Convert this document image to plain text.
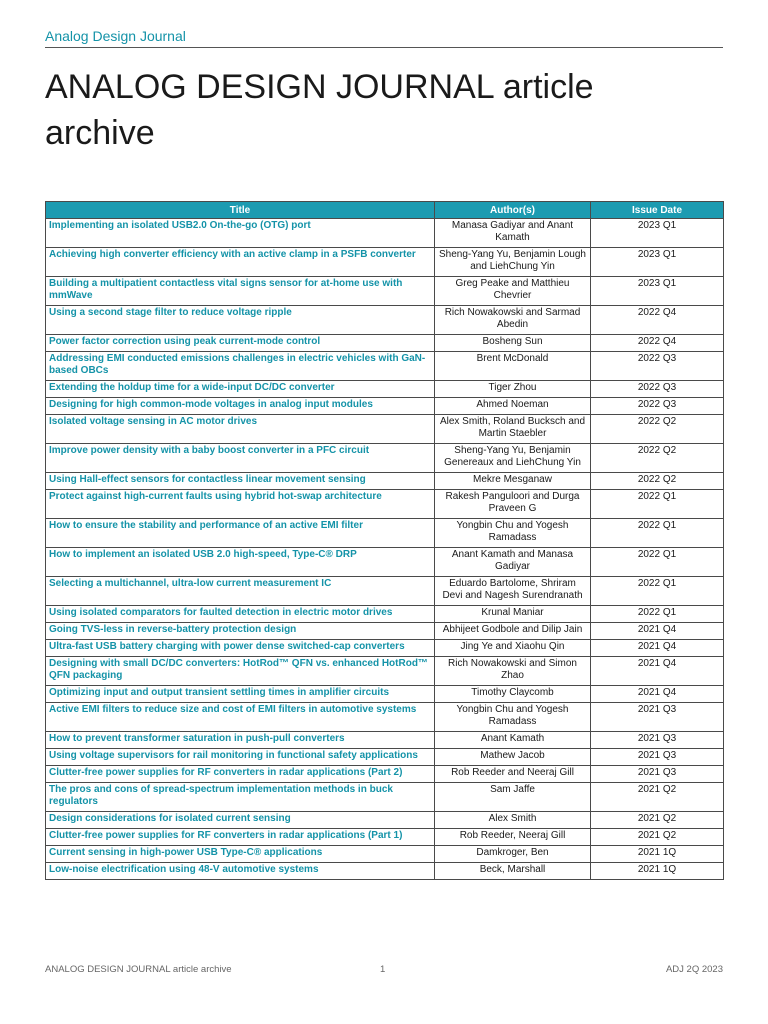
Analog Design Journal
ANALOG DESIGN JOURNAL article archive
Title	Author(s)	Issue Date
Implementing an isolated USB2.0 On-the-go (OTG) port	Manasa Gadiyar and Anant Kamath	2023 Q1
Achieving high converter efficiency with an active clamp in a PSFB converter	Sheng-Yang Yu, Benjamin Lough and LiehChung Yin	2023 Q1
Building a multipatient contactless vital signs sensor for at-home use with mmWave	Greg Peake and Matthieu Chevrier	2023 Q1
Using a second stage filter to reduce voltage ripple	Rich Nowakowski and Sarmad Abedin	2022 Q4
Power factor correction using peak current-mode control	Bosheng Sun	2022 Q4
Addressing EMI conducted emissions challenges in electric vehicles with GaN-based OBCs	Brent McDonald	2022 Q3
Extending the holdup time for a wide-input DC/DC converter	Tiger Zhou	2022 Q3
Designing for high common-mode voltages in analog input modules	Ahmed Noeman	2022 Q3
Isolated voltage sensing in AC motor drives	Alex Smith, Roland Bucksch and Martin Staebler	2022 Q2
Improve power density with a baby boost converter in a PFC circuit	Sheng-Yang Yu, Benjamin Genereaux and LiehChung Yin	2022 Q2
Using Hall-effect sensors for contactless linear movement sensing	Mekre Mesganaw	2022 Q2
Protect against high-current faults using hybrid hot-swap architecture	Rakesh Panguloori and Durga Praveen G	2022 Q1
How to ensure the stability and performance of an active EMI filter	Yongbin Chu and Yogesh Ramadass	2022 Q1
How to implement an isolated USB 2.0 high-speed, Type-C® DRP	Anant Kamath and Manasa Gadiyar	2022 Q1
Selecting a multichannel, ultra-low current measurement IC	Eduardo Bartolome, Shriram Devi and Nagesh Surendranath	2022 Q1
Using isolated comparators for faulted detection in electric motor drives	Krunal Maniar	2022 Q1
Going TVS-less in reverse-battery protection design	Abhijeet Godbole and Dilip Jain	2021 Q4
Ultra-fast USB battery charging with power dense switched-cap converters	Jing Ye and Xiaohu Qin	2021 Q4
Designing with small DC/DC converters: HotRod™ QFN vs. enhanced HotRod™ QFN packaging	Rich Nowakowski and Simon Zhao	2021 Q4
Optimizing input and output transient settling times in amplifier circuits	Timothy Claycomb	2021 Q4
Active EMI filters to reduce size and cost of EMI filters in automotive systems	Yongbin Chu and Yogesh Ramadass	2021 Q3
How to prevent transformer saturation in push-pull converters	Anant Kamath	2021 Q3
Using voltage supervisors for rail monitoring in functional safety applications	Mathew Jacob	2021 Q3
Clutter-free power supplies for RF converters in radar applications (Part 2)	Rob Reeder and Neeraj Gill	2021 Q3
The pros and cons of spread-spectrum implementation methods in buck regulators	Sam Jaffe	2021 Q2
Design considerations for isolated current sensing	Alex Smith	2021 Q2
Clutter-free power supplies for RF converters in radar applications (Part 1)	Rob Reeder, Neeraj Gill	2021 Q2
Current sensing in high-power USB Type-C® applications	Damkroger, Ben	2021 1Q
Low-noise electrification using 48-V automotive systems	Beck, Marshall	2021 1Q
ANALOG DESIGN JOURNAL article archive	1	ADJ 2Q 2023
